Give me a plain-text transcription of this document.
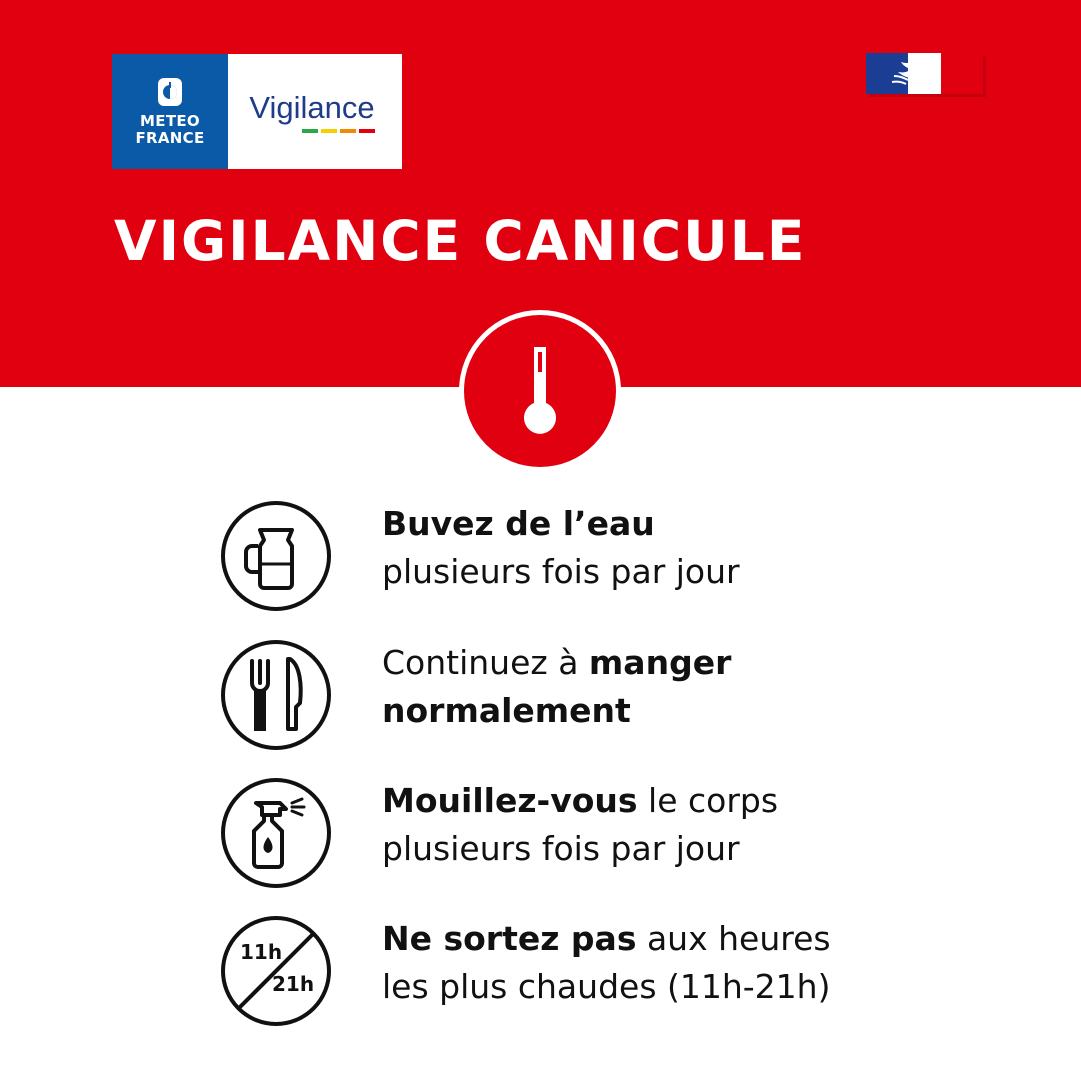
METEO
FRANCE
Vigilance
VIGILANCE CANICULE
Buvez de l’eau
plusieurs fois par jour
Continuez à manger
normalement
Mouillez-vous le corps
plusieurs fois par jour
11h
21h
Ne sortez pas aux heures
les plus chaudes (11h-21h)
